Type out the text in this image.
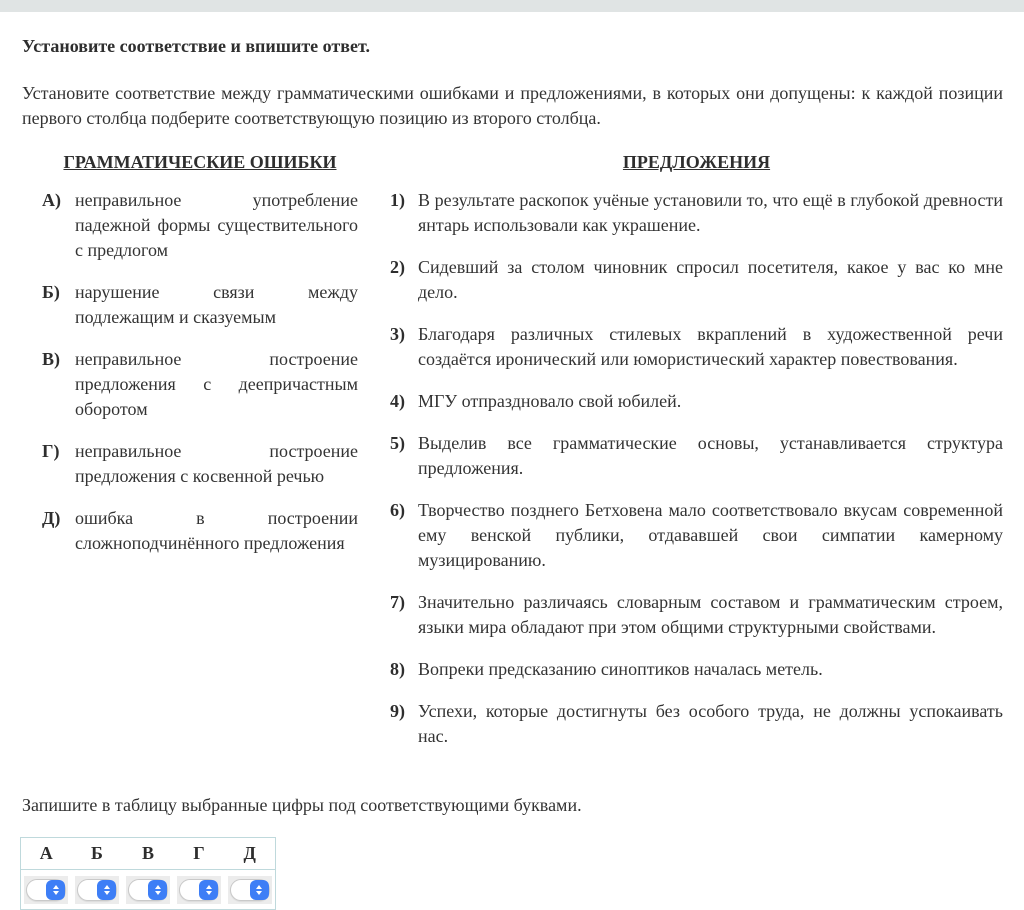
Установите соответствие и впишите ответ.

Установите соответствие между грамматическими ошибками и предложениями, в которых они допущены: к каждой позиции первого столбца подберите соответствующую позицию из второго столбца.

ГРАММАТИЧЕСКИЕ ОШИБКИ
А) неправильное употребление падежной формы существительного с предлогом
Б) нарушение связи между подлежащим и сказуемым
В) неправильное построение предложения с деепричастным оборотом
Г) неправильное построение предложения с косвенной речью
Д) ошибка в построении сложноподчинённого предложения
ПРЕДЛОЖЕНИЯ
1) В результате раскопок учёные установили то, что ещё в глубокой древности янтарь использовали как украшение.
2) Сидевший за столом чиновник спросил посетителя, какое у вас ко мне дело.
3) Благодаря различных стилевых вкраплений в художественной речи создаётся иронический или юмористический характер повествования.
4) МГУ отпраздновало свой юбилей.
5) Выделив все грамматические основы, устанавливается структура предложения.
6) Творчество позднего Бетховена мало соответствовало вкусам современной ему венской публики, отдававшей свои симпатии камерному музицированию.
7) Значительно различаясь словарным составом и грамматическим строем, языки мира обладают при этом общими структурными свойствами.
8) Вопреки предсказанию синоптиков началась метель.
9) Успехи, которые достигнуты без особого труда, не должны успокаивать нас.

Запишите в таблицу выбранные цифры под соответствующими буквами.

А	Б	В	Г	Д
